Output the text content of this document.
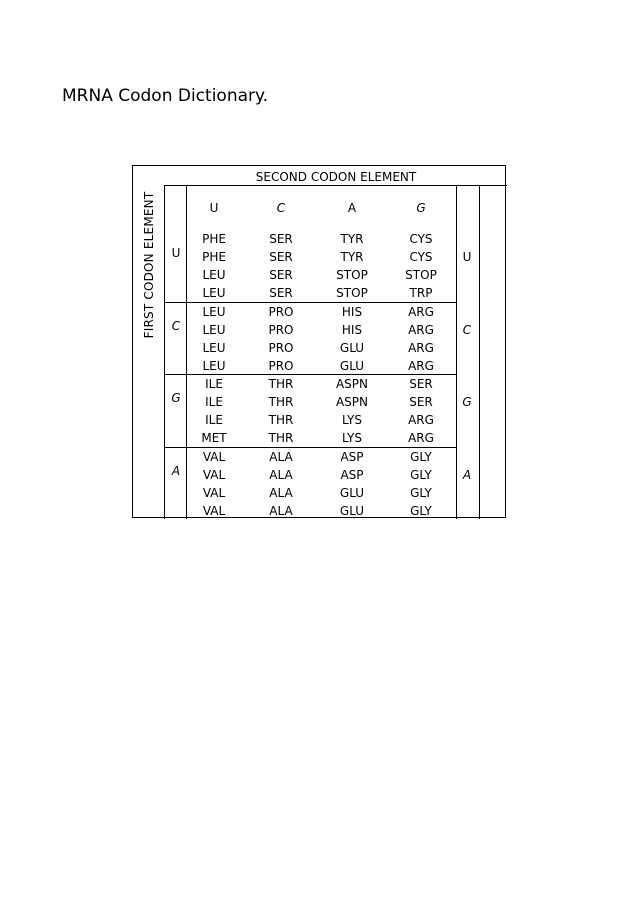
MRNA Codon Dictionary.
SECOND CODON ELEMENT
FIRST CODON ELEMENT	U	C	A	G
U	U
PHE	SER	TYR	CYS
PHE	SER	TYR	CYS
LEU	SER	STOP	STOP
LEU	SER	STOP	TRP
C	C
LEU	PRO	HIS	ARG
LEU	PRO	HIS	ARG
LEU	PRO	GLU	ARG
LEU	PRO	GLU	ARG
G	G
ILE	THR	ASPN	SER
ILE	THR	ASPN	SER
ILE	THR	LYS	ARG
MET	THR	LYS	ARG
A	A
VAL	ALA	ASP	GLY
VAL	ALA	ASP	GLY
VAL	ALA	GLU	GLY
VAL	ALA	GLU	GLY
